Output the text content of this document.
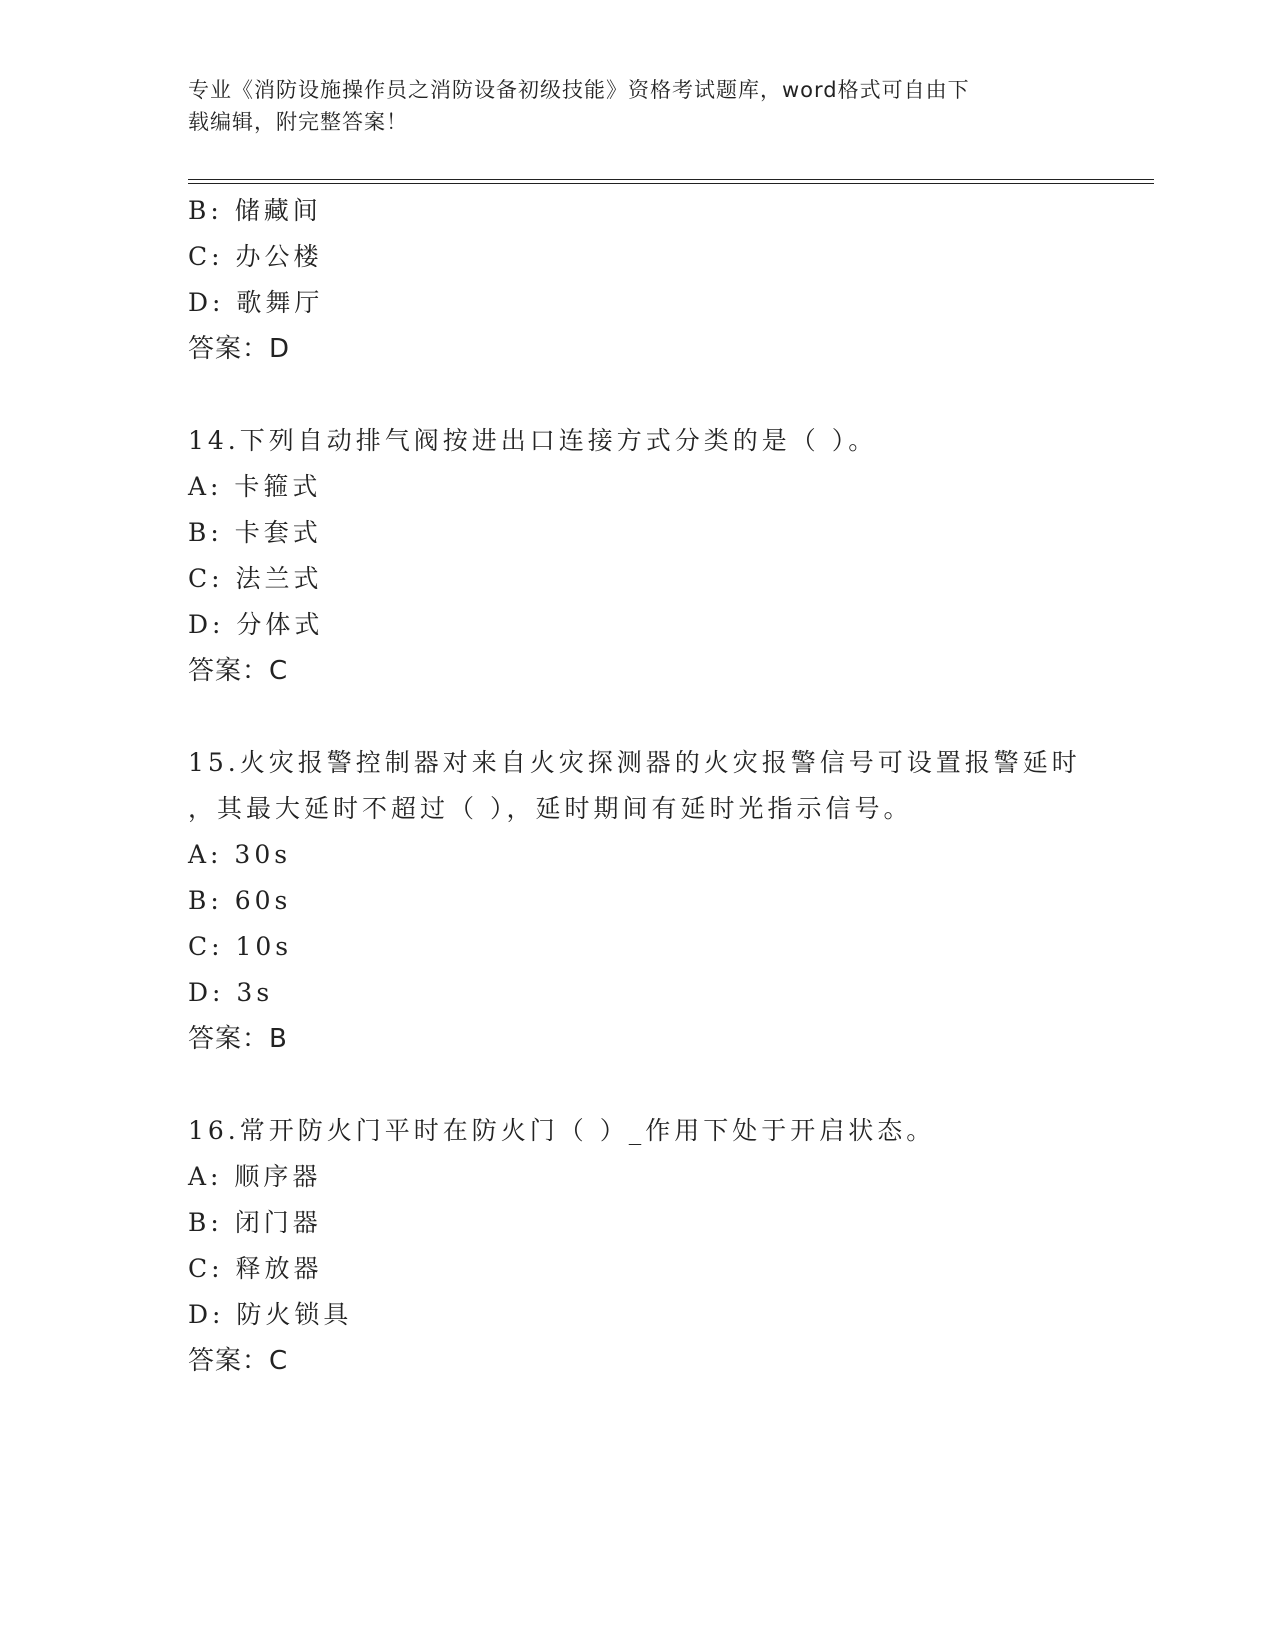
专业《消防设施操作员之消防设备初级技能》资格考试题库，word格式可自由下
载编辑，附完整答案！
B: 储藏间
C: 办公楼
D: 歌舞厅
答案：D
14.下列自动排气阀按进出口连接方式分类的是（ ）。
A: 卡箍式
B: 卡套式
C: 法兰式
D: 分体式
答案：C
15.火灾报警控制器对来自火灾探测器的火灾报警信号可设置报警延时
，其最大延时不超过（ ），延时期间有延时光指示信号。
A: 30s
B: 60s
C: 10s
D: 3s
答案：B
16.常开防火门平时在防火门（ ）_作用下处于开启状态。
A: 顺序器
B: 闭门器
C: 释放器
D: 防火锁具
答案：C
